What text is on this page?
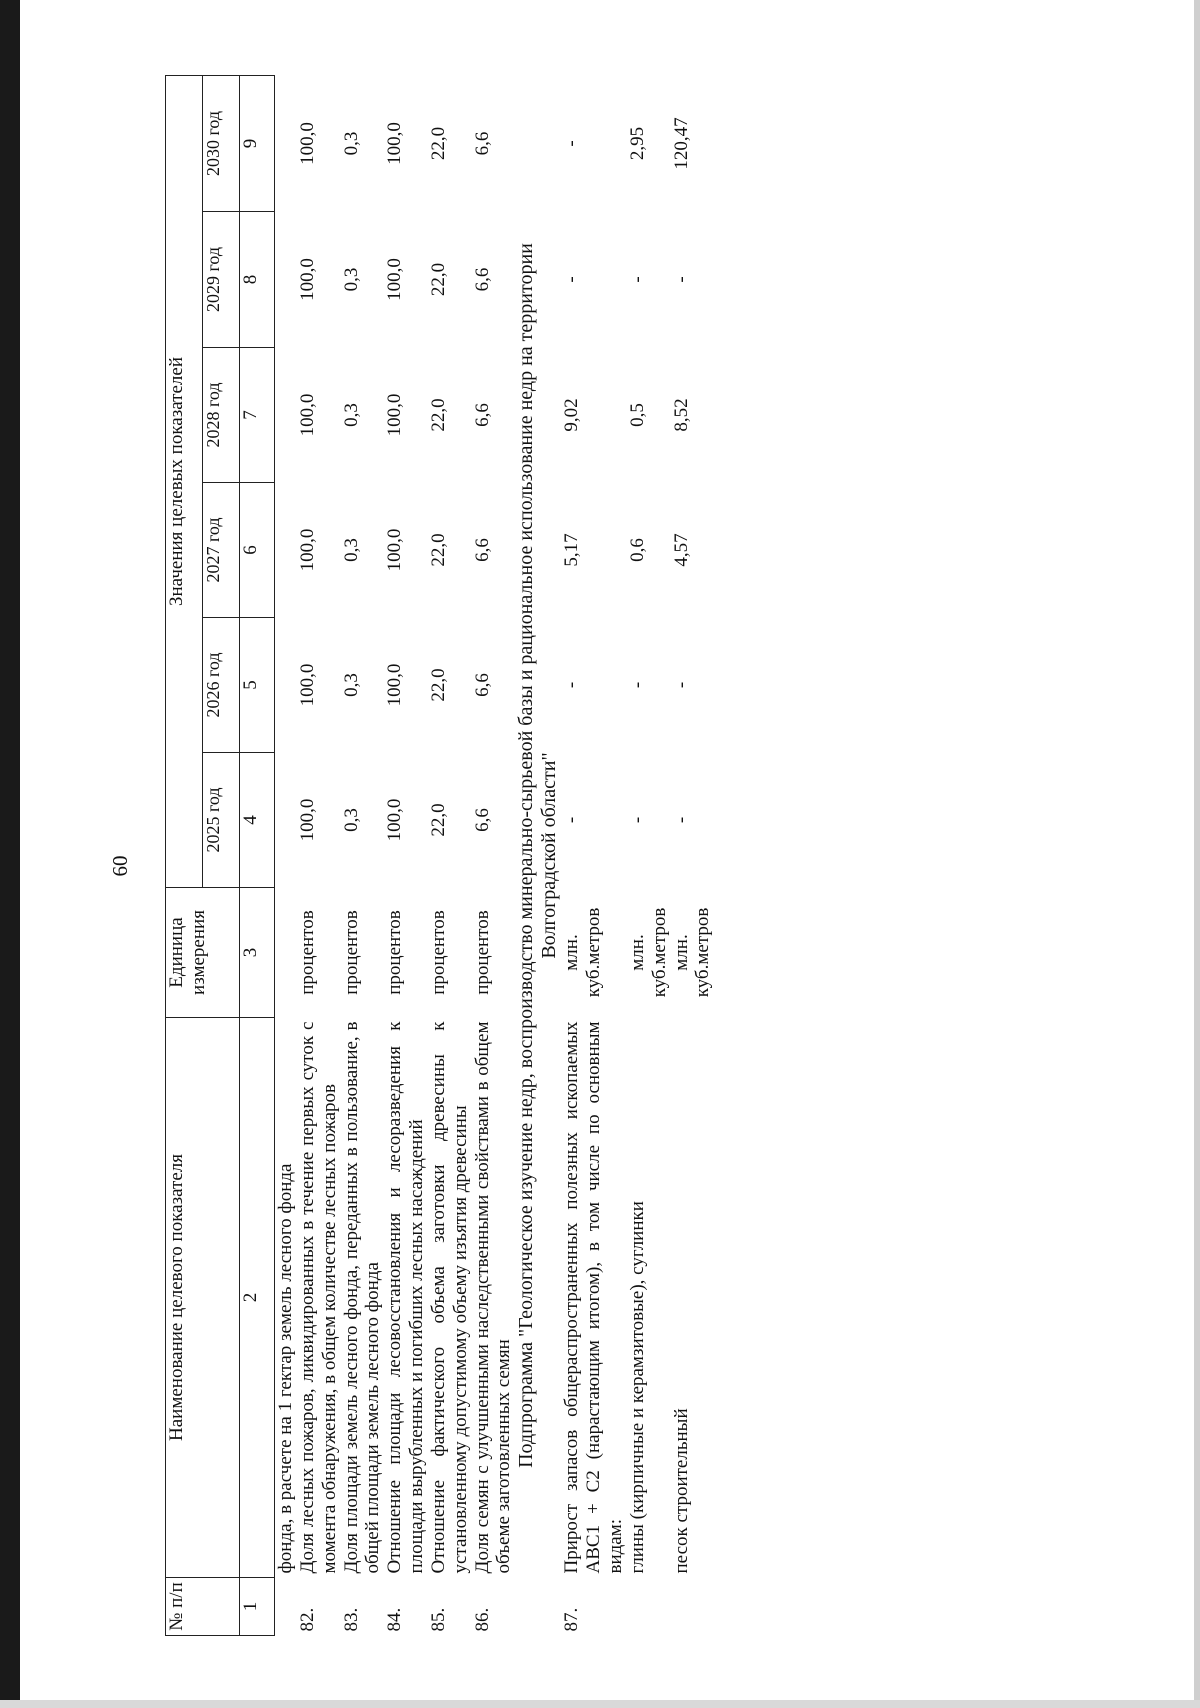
60
№ п/п	Наименование целевого показателя	Единица измерения	Значения целевых показателей					
			2025 год	2026 год	2027 год	2028 год	2029 год	2030 год
1	2	3	4	5	6	7	8	9
	фонда, в расчете на 1 гектар земель лесного фонда							
82.	Доля лесных пожаров, ликвидированных в течение первых суток с момента обнаружения, в общем количестве лесных пожаров	процентов	100,0	100,0	100,0	100,0	100,0	100,0
83.	Доля площади земель лесного фонда, переданных в пользование, в общей площади земель лесного фонда	процентов	0,3	0,3	0,3	0,3	0,3	0,3
84.	Отношение площади лесовосстановления и лесоразведения к площади вырубленных и погибших лесных насаждений	процентов	100,0	100,0	100,0	100,0	100,0	100,0
85.	Отношение фактического объема заготовки древесины к установленному допустимому объему изъятия древесины	процентов	22,0	22,0	22,0	22,0	22,0	22,0
86.	Доля семян с улучшенными наследственными свойствами в общем объеме заготовленных семян	процентов	6,6	6,6	6,6	6,6	6,6	6,6
Подпрограмма "Геологическое изучение недр, воспроизводство минерально-сырьевой базы и рациональное использование недр на территории
Волгоградской области"								
87.	Прирост запасов общераспространенных полезных ископаемых АВС1 + С2 (нарастающим итогом), в том числе по основным видам:	млн. куб.метров	-	-	5,17	9,02	-	-
	глины (кирпичные и керамзитовые), суглинки	млн. куб.метров	-	-	0,6	0,5	-	2,95
	песок строительный	млн. куб.метров	-	-	4,57	8,52	-	120,47
